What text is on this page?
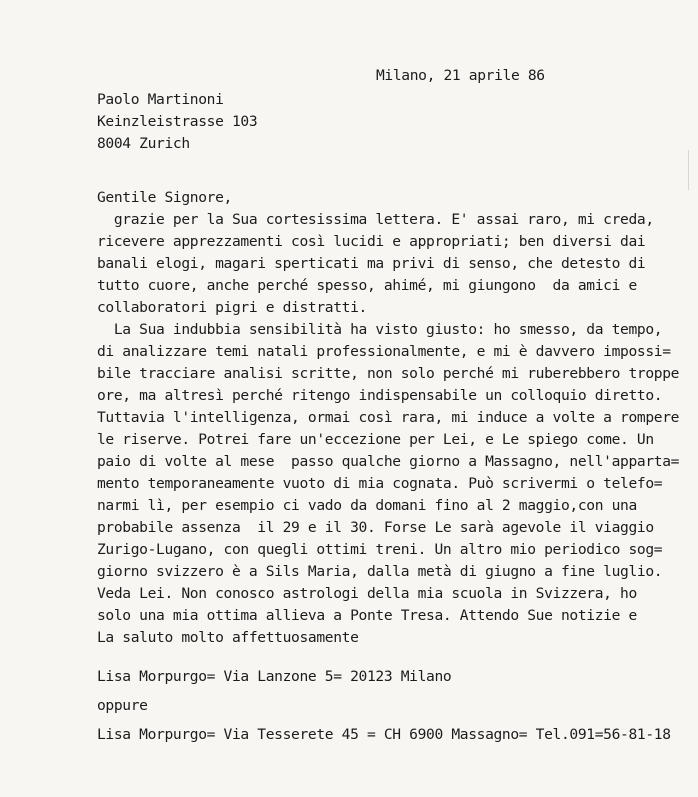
Milano, 21 aprile 86

Paolo Martinoni

Keinzleistrasse 103

8004 Zurich

Gentile Signore,

grazie per la Sua cortesissima lettera. E' assai raro, mi creda,

ricevere apprezzamenti così lucidi e appropriati; ben diversi dai

banali elogi, magari sperticati ma privi di senso, che detesto di

tutto cuore, anche perché spesso, ahimé, mi giungono  da amici e

collaboratori pigri e distratti.

La Sua indubbia sensibilità ha visto giusto: ho smesso, da tempo,

di analizzare temi natali professionalmente, e mi è davvero impossi=

bile tracciare analisi scritte, non solo perché mi ruberebbero troppe

ore, ma altresì perché ritengo indispensabile un colloquio diretto.

Tuttavia l'intelligenza, ormai così rara, mi induce a volte a rompere

le riserve. Potrei fare un'eccezione per Lei, e Le spiego come. Un

paio di volte al mese  passo qualche giorno a Massagno, nell'apparta=

mento temporaneamente vuoto di mia cognata. Può scrivermi o telefo=

narmi lì, per esempio ci vado da domani fino al 2 maggio,con una

probabile assenza  il 29 e il 30. Forse Le sarà agevole il viaggio

Zurigo-Lugano, con quegli ottimi treni. Un altro mio periodico sog=

giorno svizzero è a Sils Maria, dalla metà di giugno a fine luglio.

Veda Lei. Non conosco astrologi della mia scuola in Svizzera, ho

solo una mia ottima allieva a Ponte Tresa. Attendo Sue notizie e

La saluto molto affettuosamente

Lisa Morpurgo= Via Lanzone 5= 20123 Milano

oppure

Lisa Morpurgo= Via Tesserete 45 = CH 6900 Massagno= Tel.091=56-81-18
